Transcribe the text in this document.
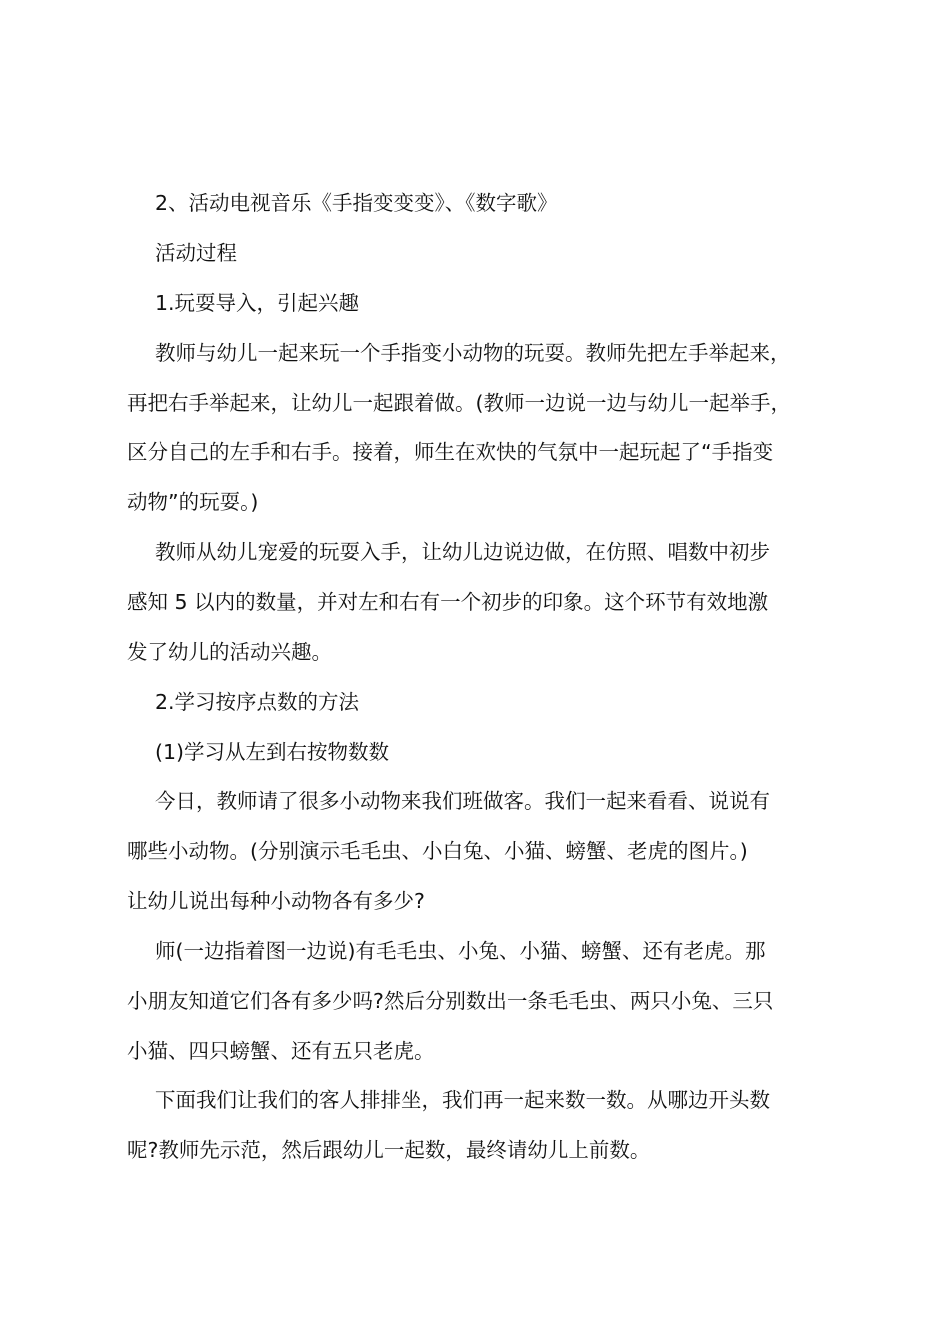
2、活动电视音乐《手指变变变》、《数字歌》

活动过程

1.玩耍导入，引起兴趣

教师与幼儿一起来玩一个手指变小动物的玩耍。教师先把左手举起来，

再把右手举起来，让幼儿一起跟着做。(教师一边说一边与幼儿一起举手，

区分自己的左手和右手。接着，师生在欢快的气氛中一起玩起了“手指变

动物”的玩耍。)

教师从幼儿宠爱的玩耍入手，让幼儿边说边做，在仿照、唱数中初步

感知 5 以内的数量，并对左和右有一个初步的印象。这个环节有效地激

发了幼儿的活动兴趣。

2.学习按序点数的方法

(1)学习从左到右按物数数

今日，教师请了很多小动物来我们班做客。我们一起来看看、说说有

哪些小动物。(分别演示毛毛虫、小白兔、小猫、螃蟹、老虎的图片。)

让幼儿说出每种小动物各有多少?

师(一边指着图一边说)有毛毛虫、小兔、小猫、螃蟹、还有老虎。那

小朋友知道它们各有多少吗?然后分别数出一条毛毛虫、两只小兔、三只

小猫、四只螃蟹、还有五只老虎。

下面我们让我们的客人排排坐，我们再一起来数一数。从哪边开头数

呢?教师先示范，然后跟幼儿一起数，最终请幼儿上前数。
